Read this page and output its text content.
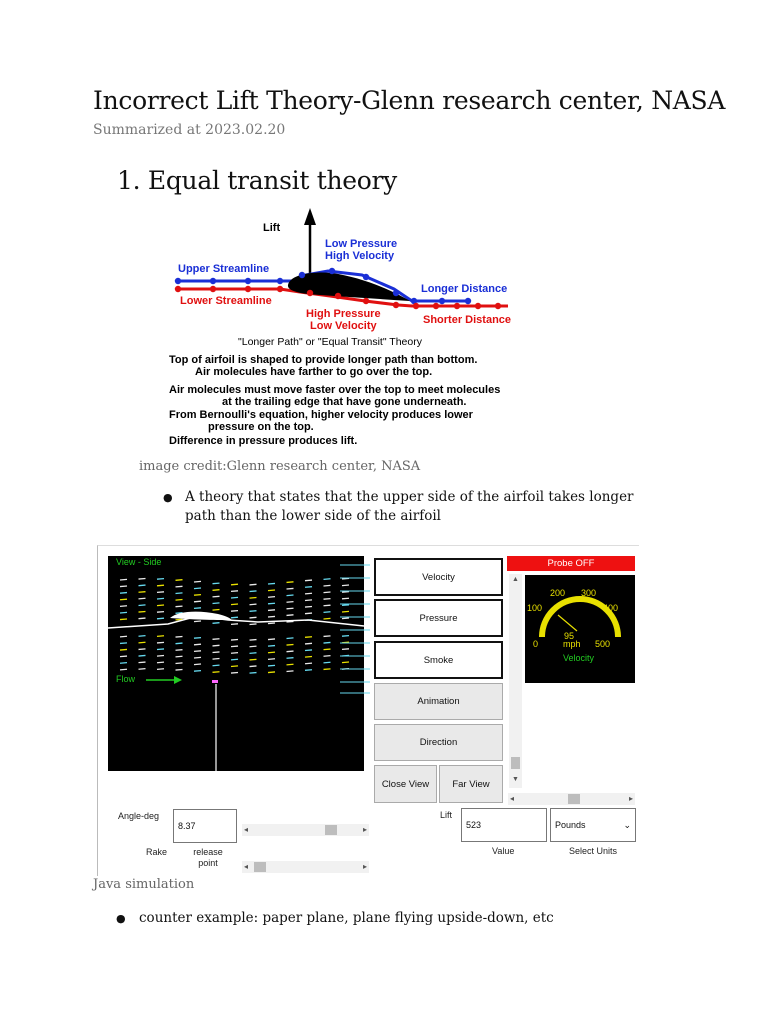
Incorrect Lift Theory-Glenn research center, NASA
Summarized at 2023.02.20
1. Equal transit theory
Lift
Low Pressure
High Velocity
Upper Streamline
Lower Streamline
Longer Distance
High Pressure
Low Velocity	Shorter Distance
"Longer Path" or "Equal Transit" Theory
Top of airfoil is shaped to provide longer path than bottom.
Air molecules have farther to go over the top.
Air molecules must move faster over the top to meet molecules
at the trailing edge that have gone underneath.
From Bernoulli's equation, higher velocity produces lower
pressure on the top.
Difference in pressure produces lift.
image credit:Glenn research center, NASA
● A theory that states that the upper side of the airfoil takes longer path than the lower side of the airfoil
View - Side
Flow
Velocity
Pressure
Smoke
Animation
Direction
Close View	Far View
▲
▼
Probe OFF
0
100
200 300
400
500
95
mph
Velocity
◂	▸
Angle-deg
8.37	◂	▸
Rake	release point	◂	▸
Lift
523
Value
Pounds	⌄
Select Units
Java simulation
● counter example: paper plane, plane flying upside-down, etc
